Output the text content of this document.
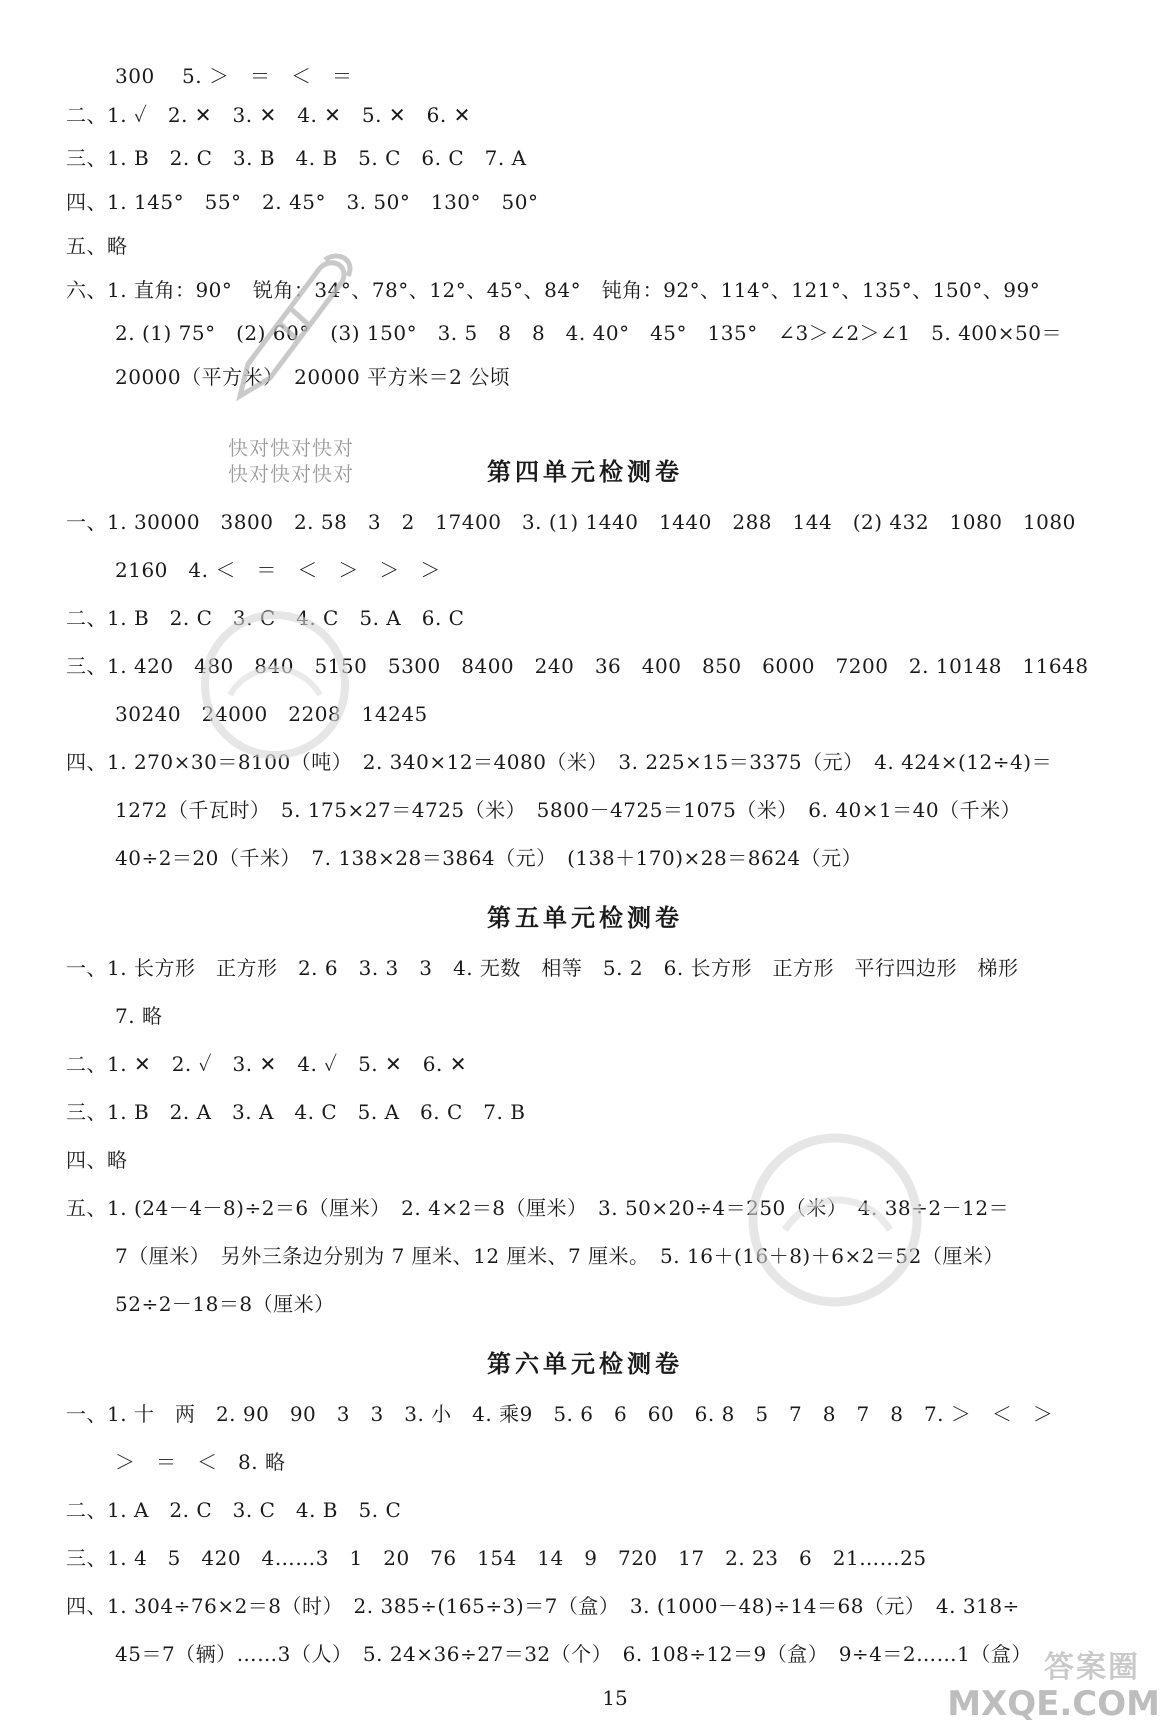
300　 5. ＞　＝　＜　＝
二、1. ✓　2. ✕　3. ✕　4. ✕　5. ✕　6. ✕
三、1. B　2. C　3. B　4. B　5. C　6. C　7. A
四、1. 145°　55°　2. 45°　3. 50°　130°　50°
五、略
六、1. 直角：90°　锐角：34°、78°、12°、45°、84°　钝角：92°、114°、121°、135°、150°、99°
2. (1) 75°　(2) 60°　(3) 150°　3. 5　8　8　4. 40°　45°　135°　∠3＞∠2＞∠1　5. 400×50＝
20000（平方米）　20000 平方米＝2 公顷
第四单元检测卷
一、1. 30000　3800　2. 58　3　2　17400　3. (1) 1440　1440　288　144　(2) 432　1080　1080
2160　4. ＜　＝　＜　＞　＞　＞
二、1. B　2. C　3. C　4. C　5. A　6. C
三、1. 420　480　840　5150　5300　8400　240　36　400　850　6000　7200　2. 10148　11648
30240　24000　2208　14245
四、1. 270×30＝8100（吨）　2. 340×12＝4080（米）　3. 225×15＝3375（元）　4. 424×(12÷4)＝
1272（千瓦时）　5. 175×27＝4725（米）　5800－4725＝1075（米）　6. 40×1＝40（千米）
40÷2＝20（千米）　7. 138×28＝3864（元）　(138＋170)×28＝8624（元）
第五单元检测卷
一、1. 长方形　正方形　2. 6　3. 3　3　4. 无数　相等　5. 2　6. 长方形　正方形　平行四边形　梯形
7. 略
二、1. ✕　2. ✓　3. ✕　4. ✓　5. ✕　6. ✕
三、1. B　2. A　3. A　4. C　5. A　6. C　7. B
四、略
五、1. (24－4－8)÷2＝6（厘米）　2. 4×2＝8（厘米）　3. 50×20÷4＝250（米）　4. 38÷2－12＝
7（厘米）　另外三条边分别为 7 厘米、12 厘米、7 厘米。　5. 16＋(16＋8)＋6×2＝52（厘米）
52÷2－18＝8（厘米）
第六单元检测卷
一、1. 十　两　2. 90　90　3　3　3. 小　4. 乘9　5. 6　6　60　6. 8　5　7　8　7　8　7. ＞　＜　＞
＞　＝　＜　8. 略
二、1. A　2. C　3. C　4. B　5. C
三、1. 4　5　420　4……3　1　20　76　154　14　9　720　17　2. 23　6　21……25
四、1. 304÷76×2＝8（时）　2. 385÷(165÷3)＝7（盒）　3. (1000－48)÷14＝68（元）　4. 318÷
45＝7（辆）……3（人）　5. 24×36÷27＝32（个）　6. 108÷12＝9（盒）　9÷4＝2……1（盒）
15
快对快对快对
快对快对快对
答案圈
MXQE.COM
